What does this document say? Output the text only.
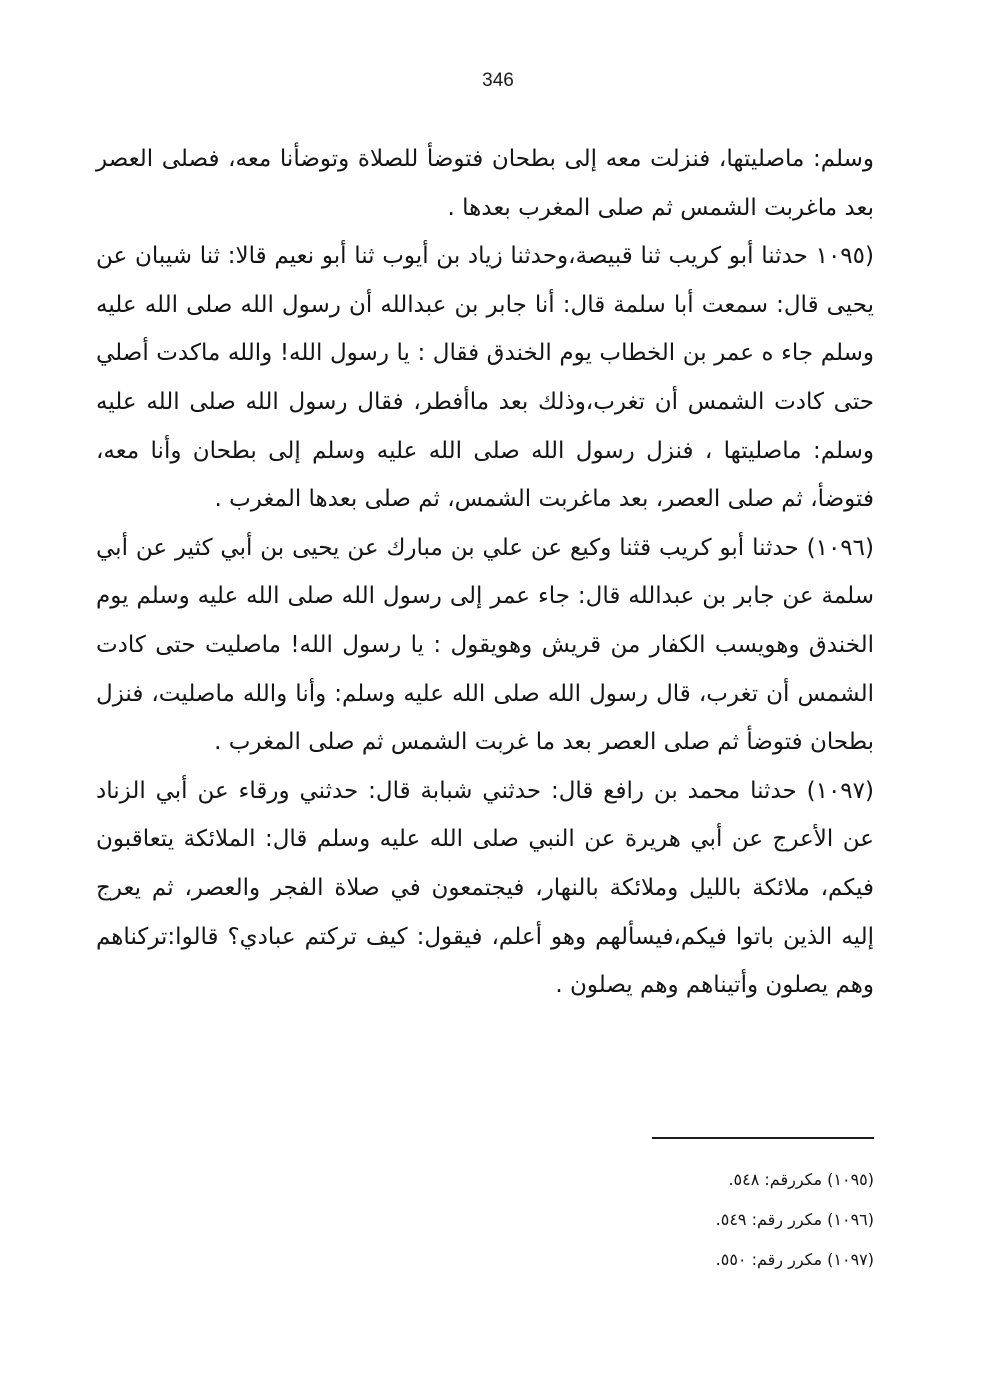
346

وسلم: ماصليتها، فنزلت معه إلى بطحان فتوضأ للصلاة وتوضأنا معه، فصلى العصر بعد ماغربت الشمس ثم صلى المغرب بعدها .

(١٠٩٥ حدثنا أبو كريب ثنا قبيصة،وحدثنا زياد بن أيوب ثنا أبو نعيم قالا: ثنا شيبان عن يحيى قال: سمعت أبا سلمة قال: أنا جابر بن عبدالله أن رسول الله صلى الله عليه وسلم جاء ه عمر بن الخطاب يوم الخندق فقال : يا رسول الله! والله ماكدت أصلي حتى كادت الشمس أن تغرب،وذلك بعد ماأفطر، فقال رسول الله صلى الله عليه وسلم: ماصليتها ، فنزل رسول الله صلى الله عليه وسلم إلى بطحان وأنا معه، فتوضأ، ثم صلى العصر، بعد ماغربت الشمس، ثم صلى بعدها المغرب .

(١٠٩٦) حدثنا أبو كريب قثنا وكيع عن علي بن مبارك عن يحيى بن أبي كثير عن أبي سلمة عن جابر بن عبدالله قال: جاء عمر إلى رسول الله صلى الله عليه وسلم يوم الخندق وهويسب الكفار من قريش وهويقول : يا رسول الله! ماصليت حتى كادت الشمس أن تغرب، قال رسول الله صلى الله عليه وسلم: وأنا والله ماصليت، فنزل بطحان فتوضأ ثم صلى العصر بعد ما غربت الشمس ثم صلى المغرب .

(١٠٩٧) حدثنا محمد بن رافع قال: حدثني شبابة قال: حدثني ورقاء عن أبي الزناد عن الأعرج عن أبي هريرة عن النبي صلى الله عليه وسلم قال: الملائكة يتعاقبون فيكم، ملائكة بالليل وملائكة بالنهار، فيجتمعون في صلاة الفجر والعصر، ثم يعرج إليه الذين باتوا فيكم،فيسألهم وهو أعلم، فيقول: كيف تركتم عبادي؟ قالوا:تركناهم وهم يصلون وأتيناهم وهم يصلون .

(١٠٩٥) مكررقم: ٥٤٨.

(١٠٩٦) مكرر رقم: ٥٤٩.

(١٠٩٧) مكرر رقم: ٥٥٠.
